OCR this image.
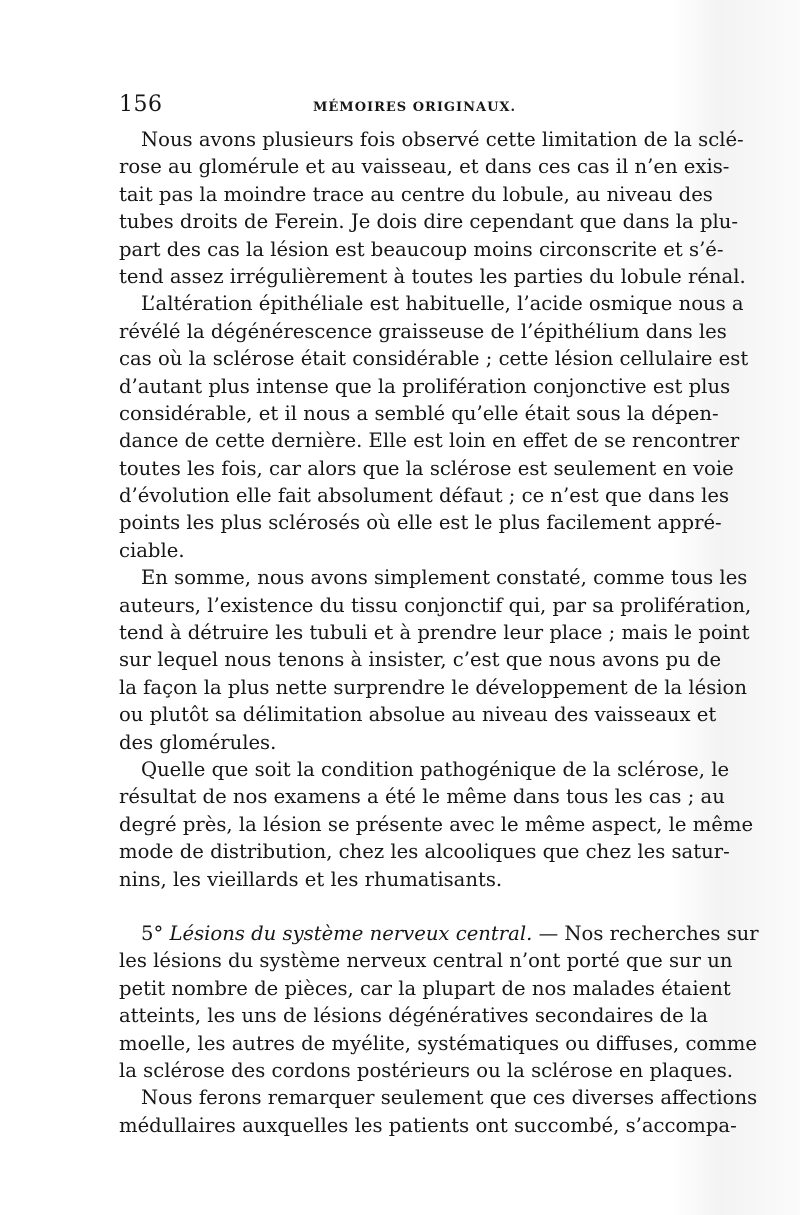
156	MÉMOIRES ORIGINAUX.
Nous avons plusieurs fois observé cette limitation de la sclé-
rose au glomérule et au vaisseau, et dans ces cas il n’en exis-
tait pas la moindre trace au centre du lobule, au niveau des
tubes droits de Ferein. Je dois dire cependant que dans la plu-
part des cas la lésion est beaucoup moins circonscrite et s’é-
tend assez irrégulièrement à toutes les parties du lobule rénal.
L’altération épithéliale est habituelle, l’acide osmique nous a
révélé la dégénérescence graisseuse de l’épithélium dans les
cas où la sclérose était considérable ; cette lésion cellulaire est
d’autant plus intense que la prolifération conjonctive est plus
considérable, et il nous a semblé qu’elle était sous la dépen-
dance de cette dernière. Elle est loin en effet de se rencontrer
toutes les fois, car alors que la sclérose est seulement en voie
d’évolution elle fait absolument défaut ; ce n’est que dans les
points les plus sclérosés où elle est le plus facilement appré-
ciable.
En somme, nous avons simplement constaté, comme tous les
auteurs, l’existence du tissu conjonctif qui, par sa prolifération,
tend à détruire les tubuli et à prendre leur place ; mais le point
sur lequel nous tenons à insister, c’est que nous avons pu de
la façon la plus nette surprendre le développement de la lésion
ou plutôt sa délimitation absolue au niveau des vaisseaux et
des glomérules.
Quelle que soit la condition pathogénique de la sclérose, le
résultat de nos examens a été le même dans tous les cas ; au
degré près, la lésion se présente avec le même aspect, le même
mode de distribution, chez les alcooliques que chez les satur-
nins, les vieillards et les rhumatisants.
5° Lésions du système nerveux central. — Nos recherches sur
les lésions du système nerveux central n’ont porté que sur un
petit nombre de pièces, car la plupart de nos malades étaient
atteints, les uns de lésions dégénératives secondaires de la
moelle, les autres de myélite, systématiques ou diffuses, comme
la sclérose des cordons postérieurs ou la sclérose en plaques.
Nous ferons remarquer seulement que ces diverses affections
médullaires auxquelles les patients ont succombé, s’accompa-
